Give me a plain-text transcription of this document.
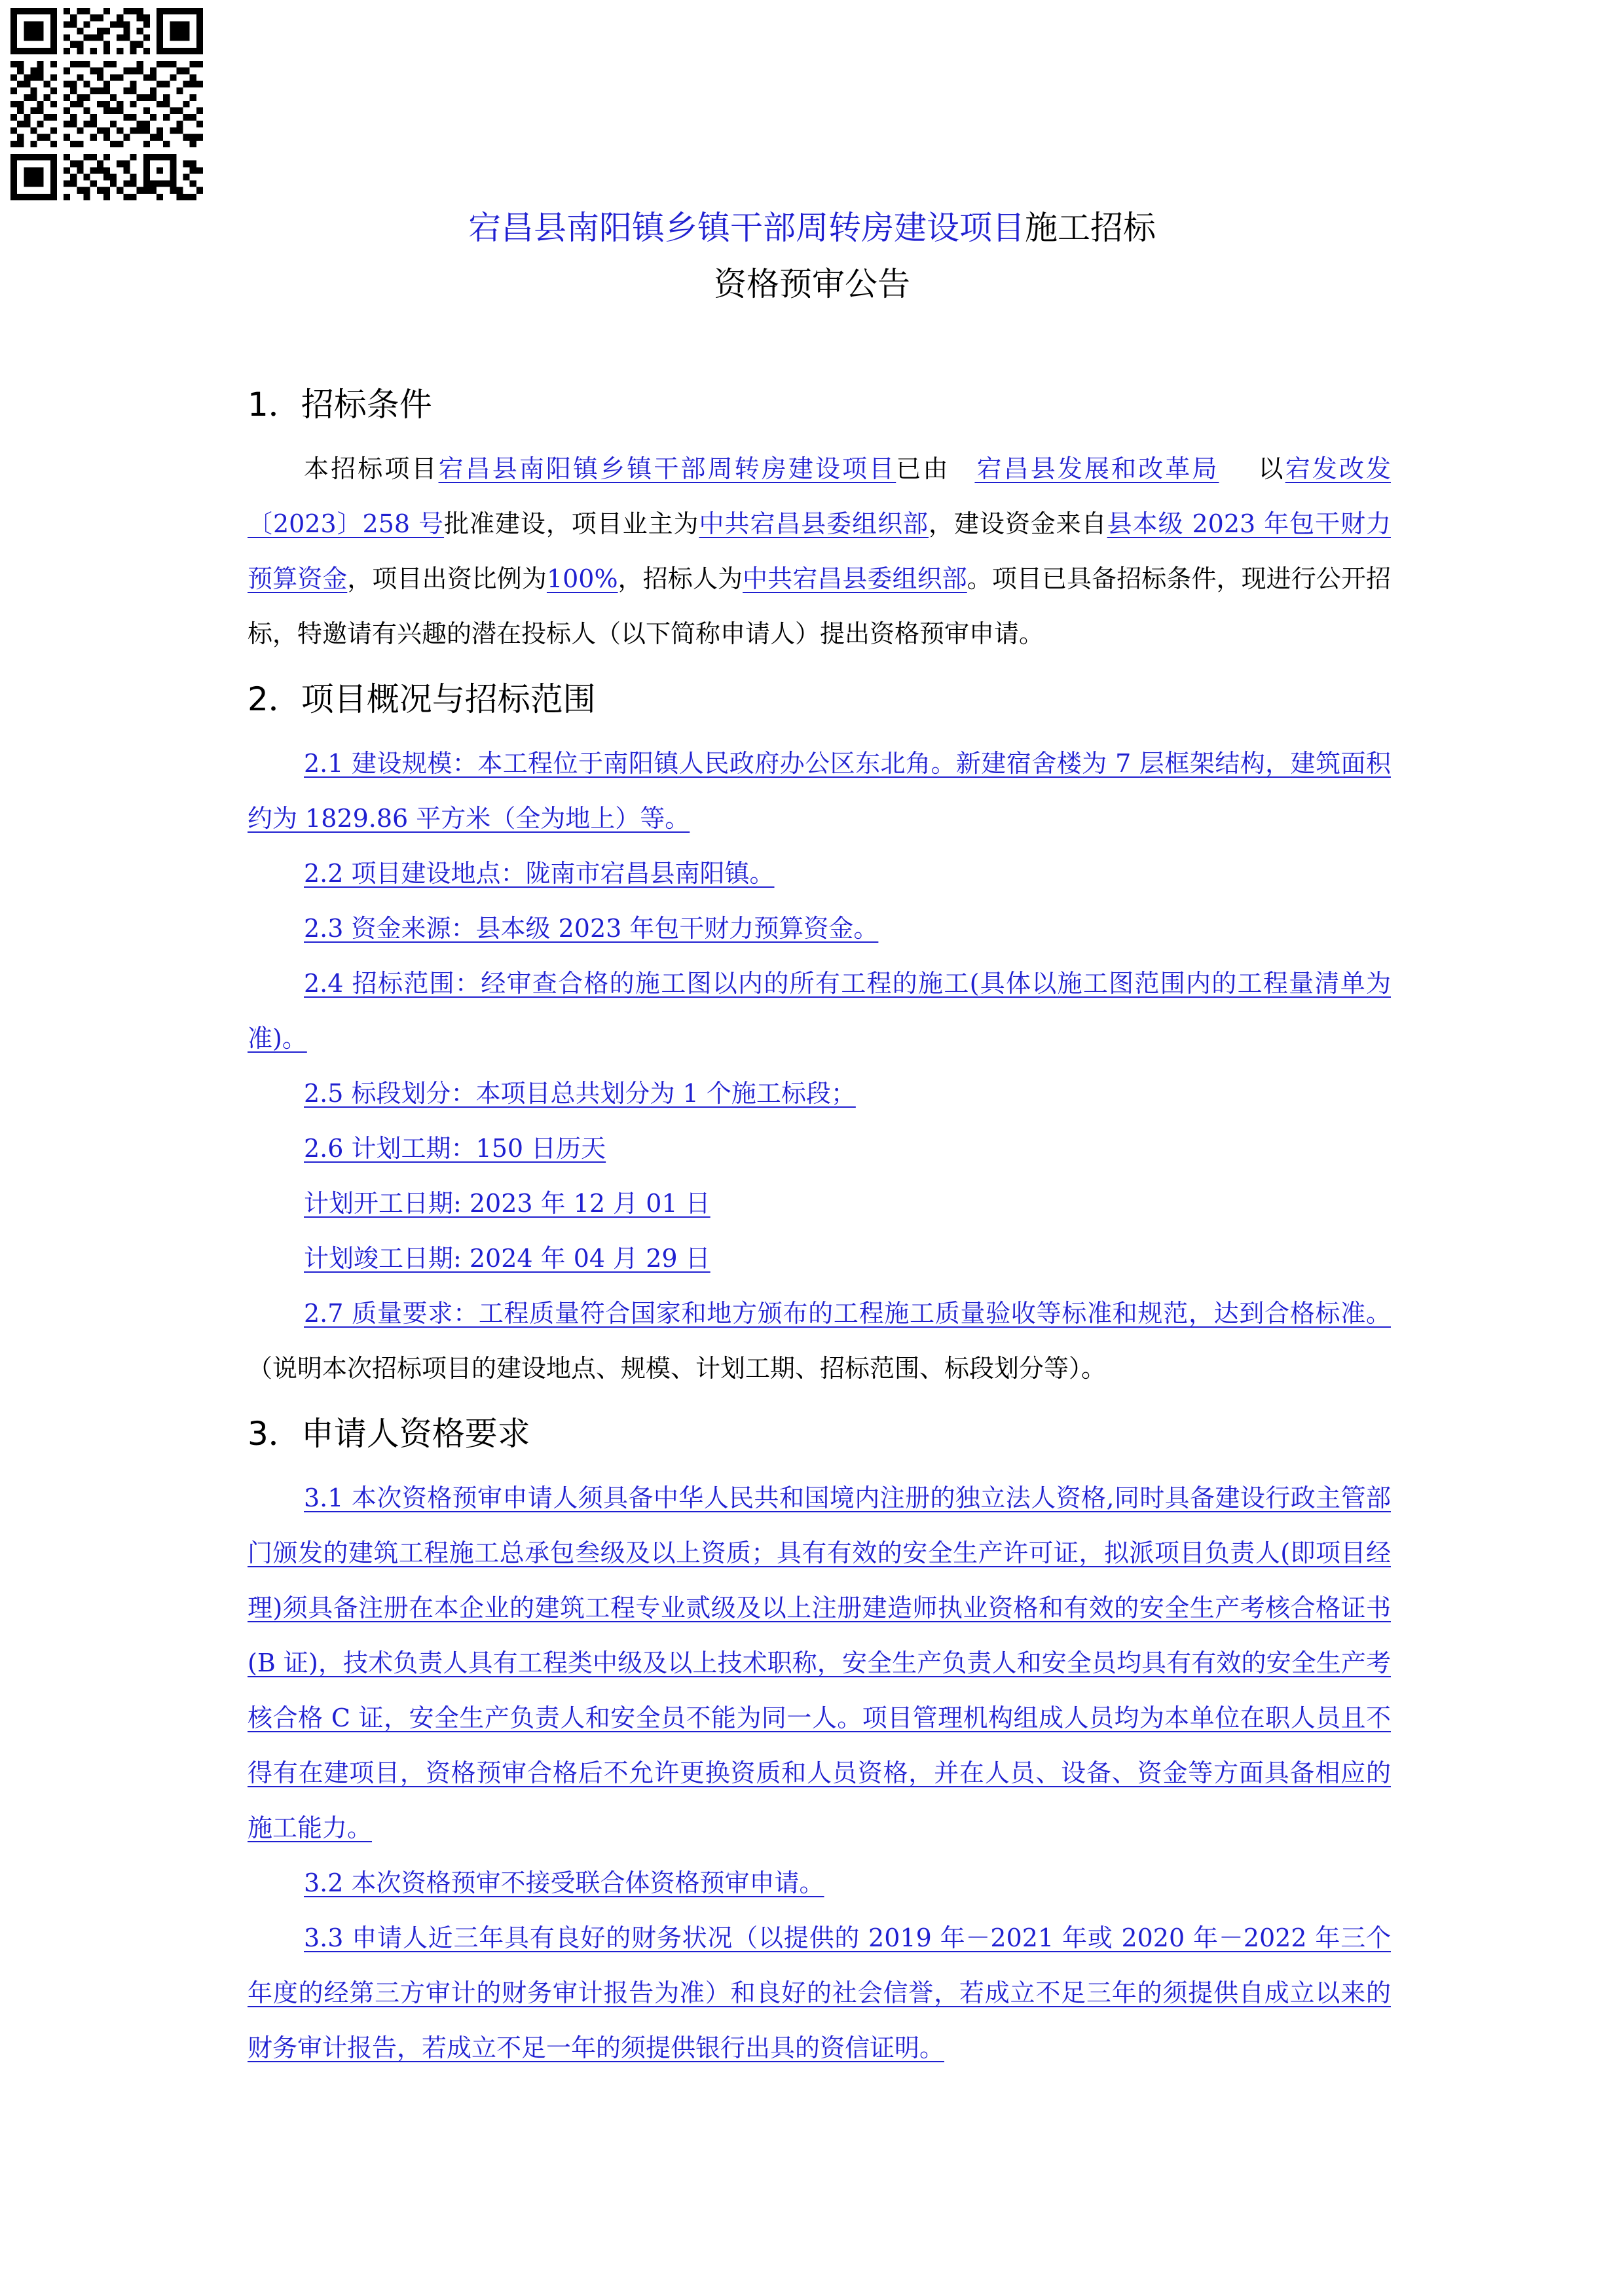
宕昌县南阳镇乡镇干部周转房建设项目施工招标
资格预审公告
1．招标条件

本招标项目宕昌县南阳镇乡镇干部周转房建设项目已由  宕昌县发展和改革局   以宕发改发〔2023〕258 号批准建设，项目业主为中共宕昌县委组织部，建设资金来自县本级 2023 年包干财力预算资金，项目出资比例为100%，招标人为中共宕昌县委组织部。项目已具备招标条件，现进行公开招标，特邀请有兴趣的潜在投标人（以下简称申请人）提出资格预审申请。

2．项目概况与招标范围

2.1 建设规模：本工程位于南阳镇人民政府办公区东北角。新建宿舍楼为 7 层框架结构，建筑面积约为 1829.86 平方米（全为地上）等。

2.2 项目建设地点：陇南市宕昌县南阳镇。

2.3 资金来源：县本级 2023 年包干财力预算资金。

2.4 招标范围：经审查合格的施工图以内的所有工程的施工(具体以施工图范围内的工程量清单为准)。

2.5 标段划分：本项目总共划分为 1 个施工标段；

2.6 计划工期：150 日历天

计划开工日期: 2023 年 12 月 01 日

计划竣工日期: 2024 年 04 月 29 日

2.7 质量要求：工程质量符合国家和地方颁布的工程施工质量验收等标准和规范，达到合格标准。（说明本次招标项目的建设地点、规模、计划工期、招标范围、标段划分等）。

3．申请人资格要求

3.1 本次资格预审申请人须具备中华人民共和国境内注册的独立法人资格,同时具备建设行政主管部门颁发的建筑工程施工总承包叁级及以上资质；具有有效的安全生产许可证，拟派项目负责人(即项目经理)须具备注册在本企业的建筑工程专业贰级及以上注册建造师执业资格和有效的安全生产考核合格证书(B 证)，技术负责人具有工程类中级及以上技术职称，安全生产负责人和安全员均具有有效的安全生产考核合格 C 证，安全生产负责人和安全员不能为同一人。项目管理机构组成人员均为本单位在职人员且不得有在建项目，资格预审合格后不允许更换资质和人员资格，并在人员、设备、资金等方面具备相应的施工能力。

3.2 本次资格预审不接受联合体资格预审申请。

3.3 申请人近三年具有良好的财务状况（以提供的 2019 年－2021 年或 2020 年－2022 年三个年度的经第三方审计的财务审计报告为准）和良好的社会信誉，若成立不足三年的须提供自成立以来的财务审计报告，若成立不足一年的须提供银行出具的资信证明。
